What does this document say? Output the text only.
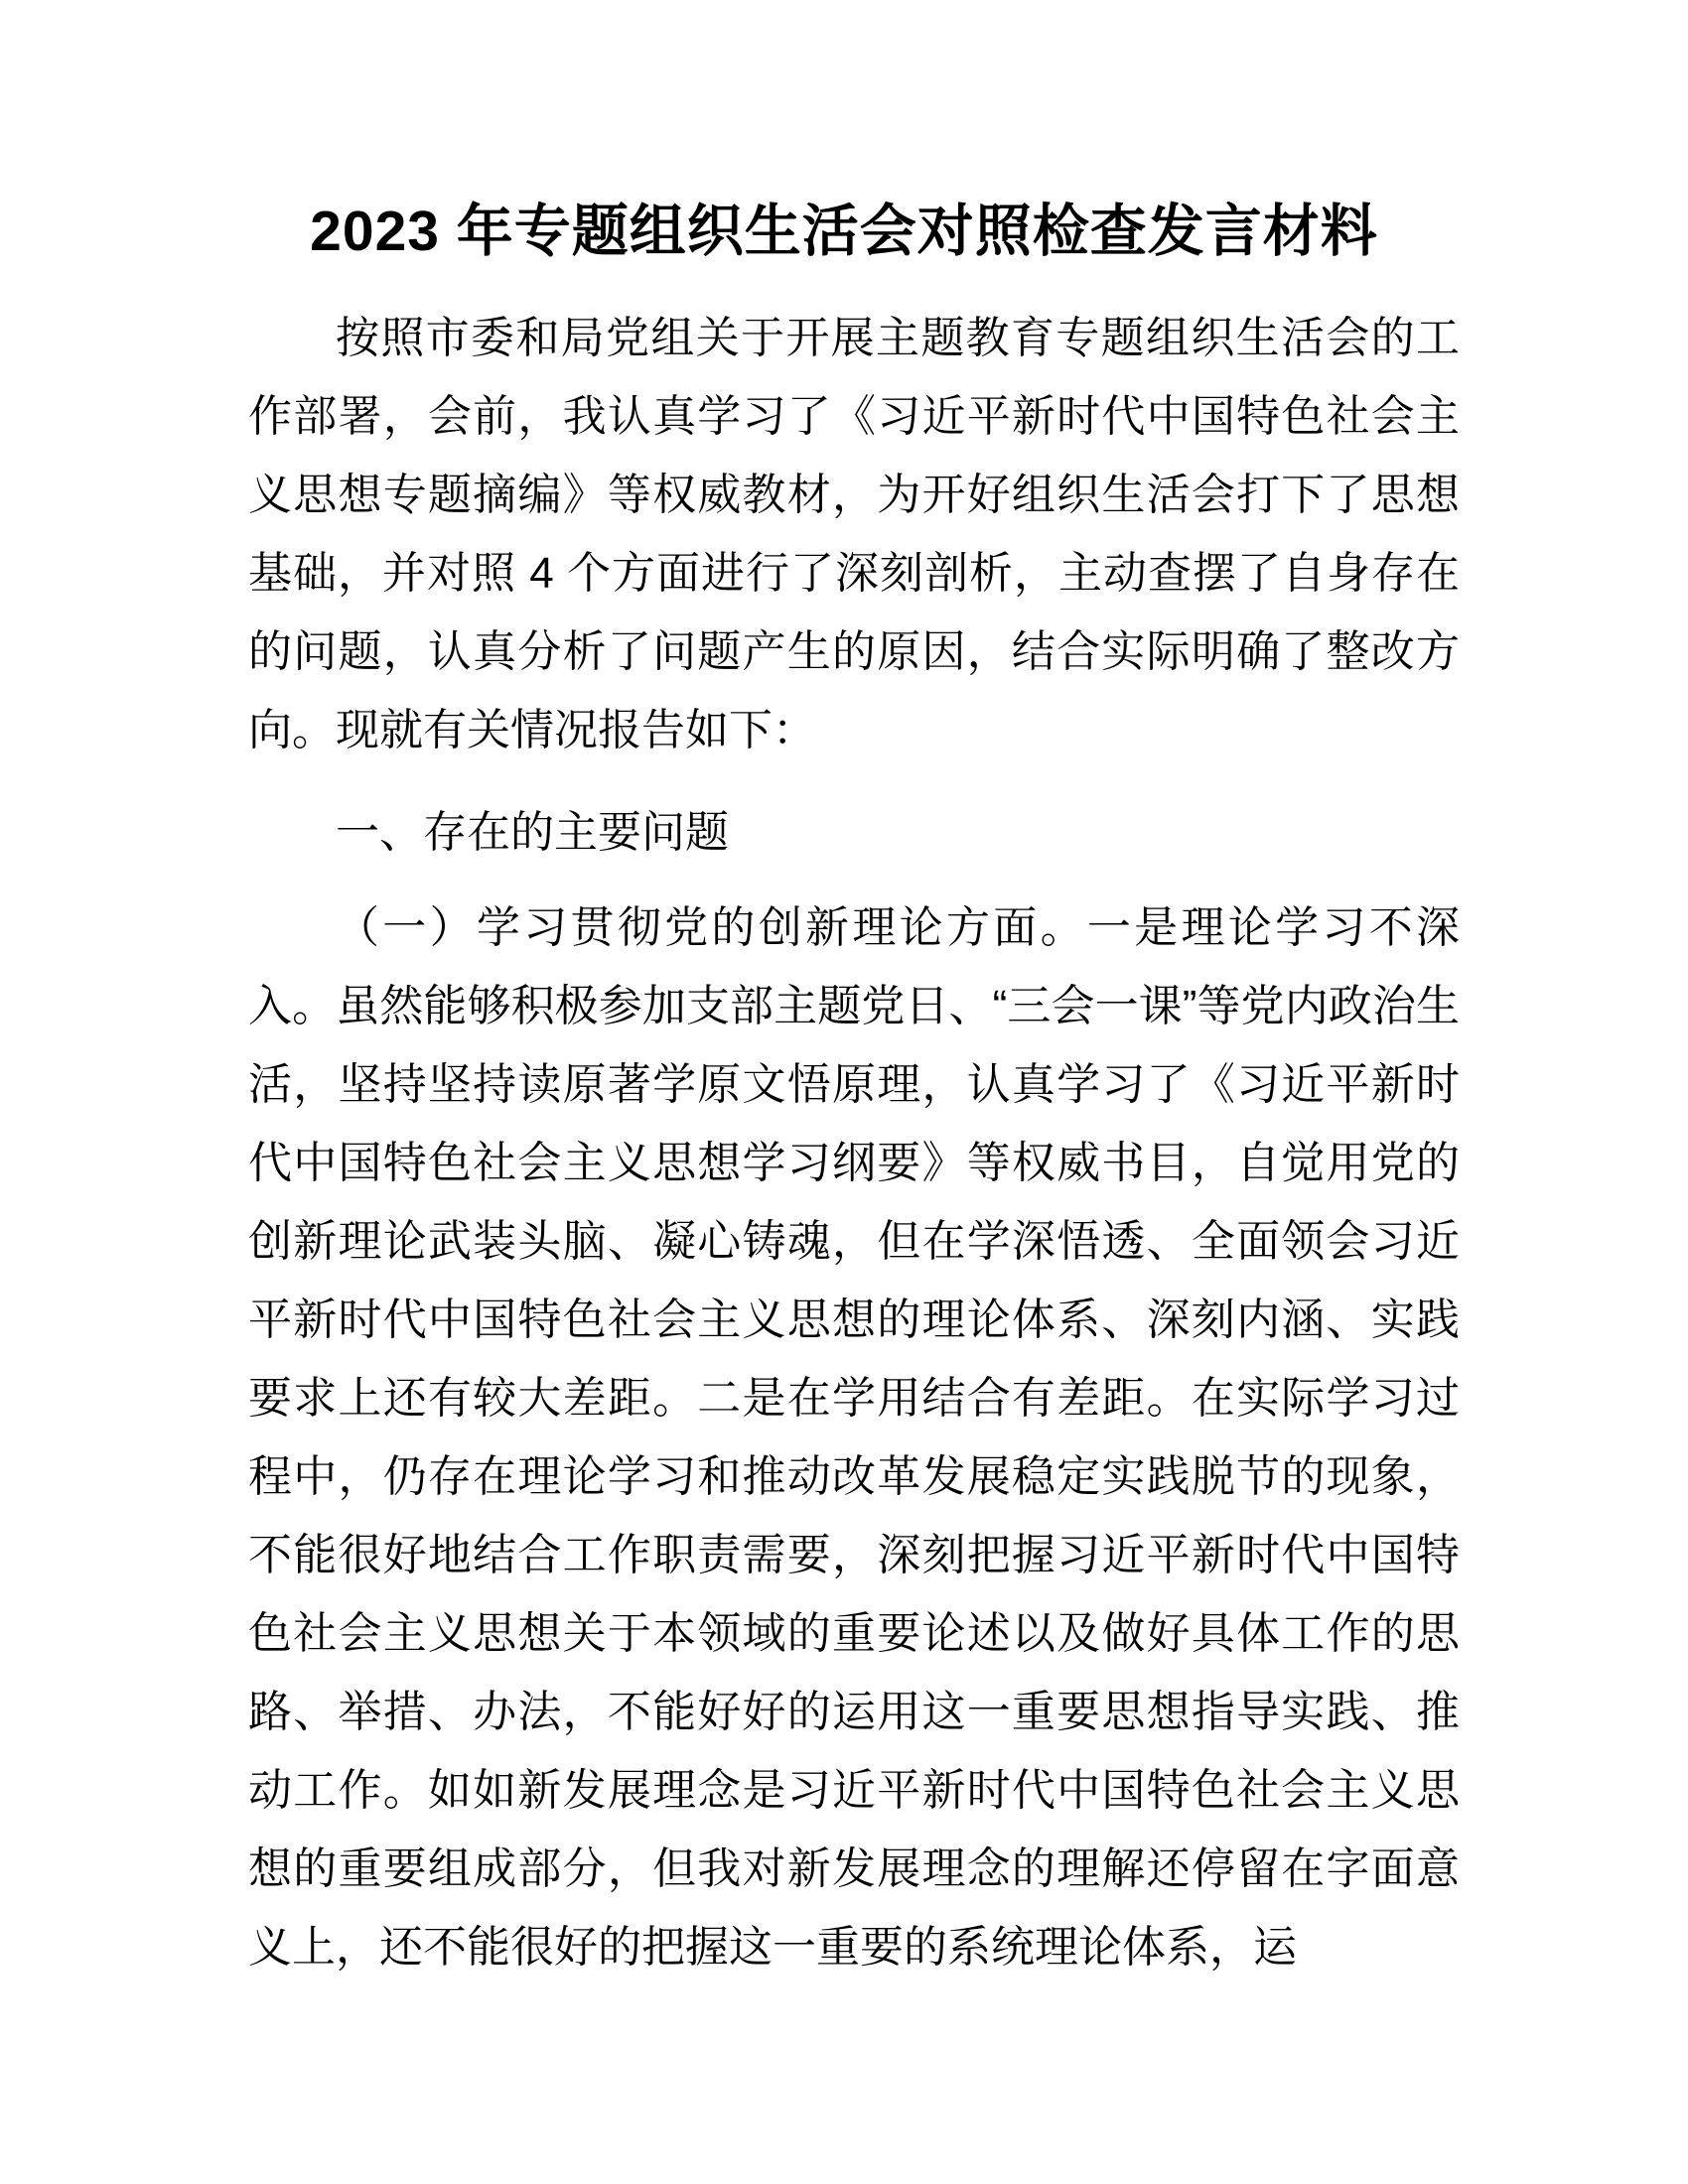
2023 年专题组织生活会对照检查发言材料

按照市委和局党组关于开展主题教育专题组织生活会的工作部署，会前，我认真学习了《习近平新时代中国特色社会主义思想专题摘编》等权威教材，为开好组织生活会打下了思想基础，并对照 4 个方面进行了深刻剖析，主动查摆了自身存在的问题，认真分析了问题产生的原因，结合实际明确了整改方向。现就有关情况报告如下：

一、存在的主要问题

（一）学习贯彻党的创新理论方面。一是理论学习不深入。虽然能够积极参加支部主题党日、“三会一课”等党内政治生活，坚持坚持读原著学原文悟原理，认真学习了《习近平新时代中国特色社会主义思想学习纲要》等权威书目，自觉用党的创新理论武装头脑、凝心铸魂，但在学深悟透、全面领会习近平新时代中国特色社会主义思想的理论体系、深刻内涵、实践要求上还有较大差距。二是在学用结合有差距。在实际学习过程中，仍存在理论学习和推动改革发展稳定实践脱节的现象，不能很好地结合工作职责需要，深刻把握习近平新时代中国特色社会主义思想关于本领域的重要论述以及做好具体工作的思路、举措、办法，不能好好的运用这一重要思想指导实践、推动工作。如如新发展理念是习近平新时代中国特色社会主义思想的重要组成部分，但我对新发展理念的理解还停留在字面意义上，还不能很好的把握这一重要的系统理论体系，运
